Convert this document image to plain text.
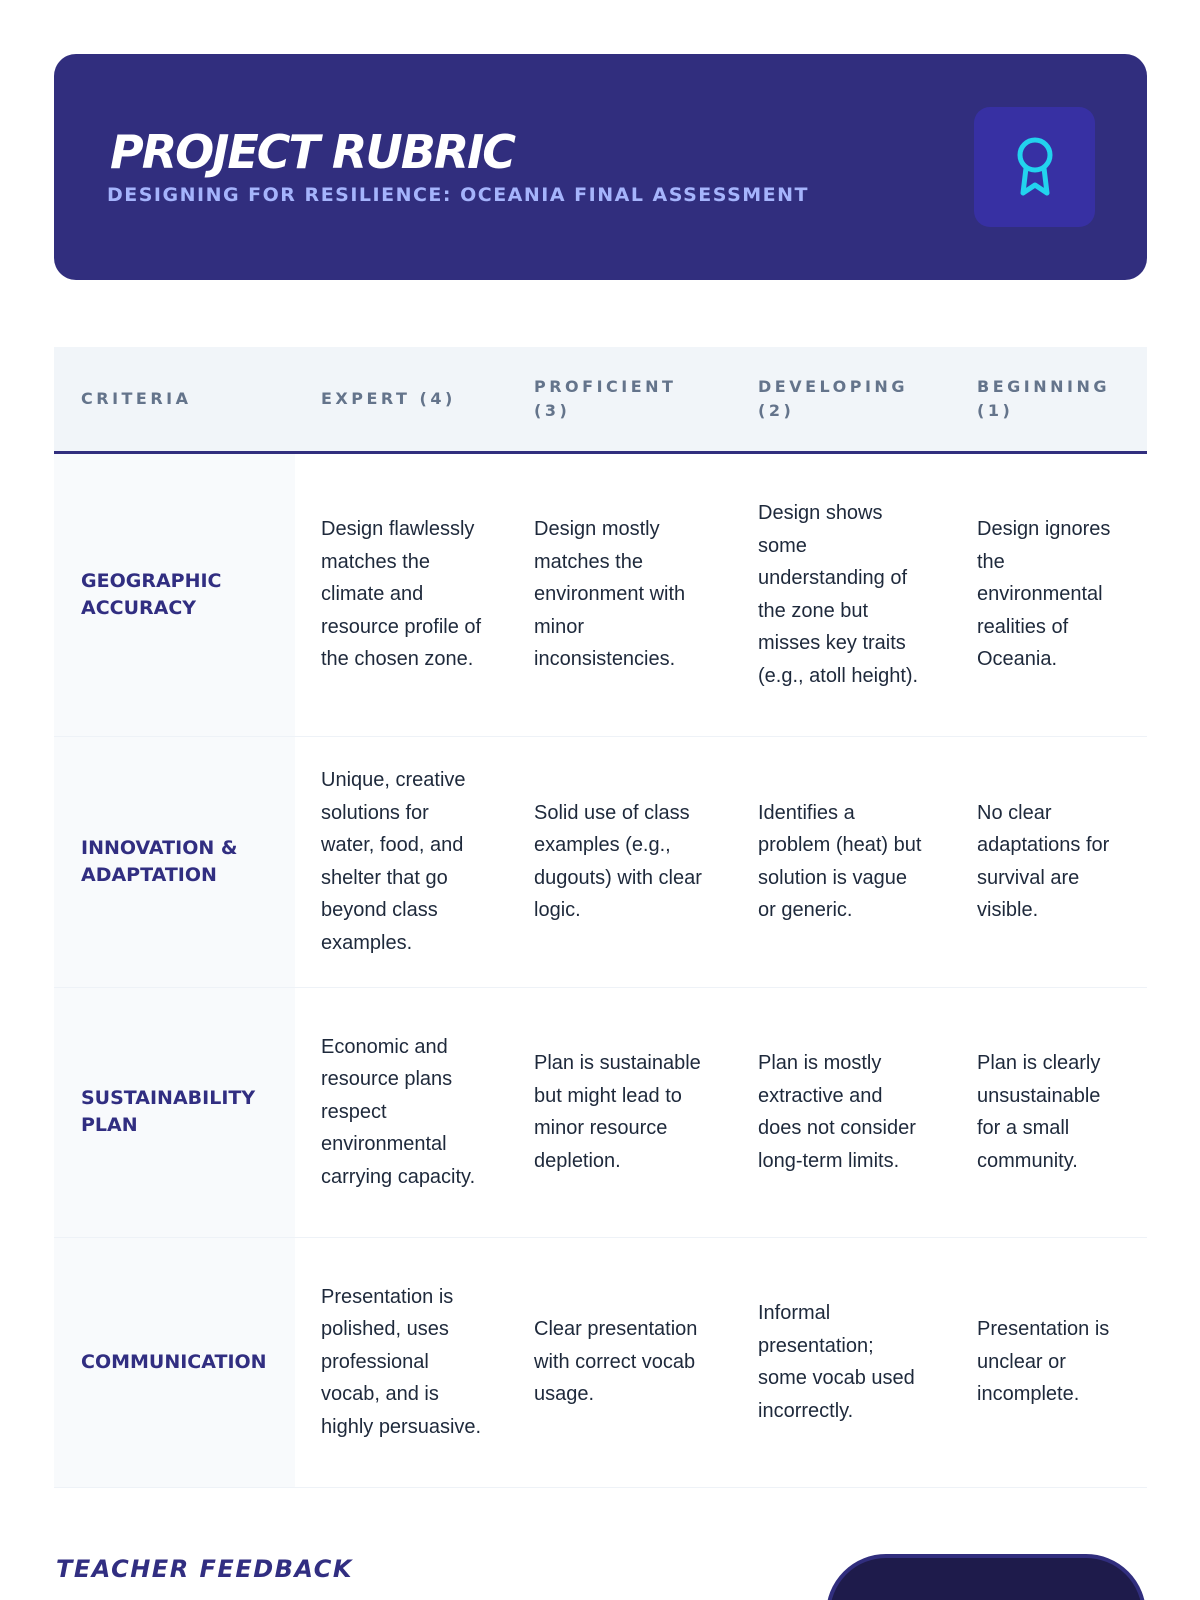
PROJECT RUBRIC
DESIGNING FOR RESILIENCE: OCEANIA FINAL ASSESSMENT
CRITERIA	EXPERT (4)	PROFICIENT (3)	DEVELOPING (2)	BEGINNING (1)
GEOGRAPHIC ACCURACY	Design flawlessly matches the climate and resource profile of the chosen zone.	Design mostly matches the environment with minor inconsistencies.	Design shows some understanding of the zone but misses key traits (e.g., atoll height).	Design ignores the environmental realities of Oceania.
INNOVATION & ADAPTATION	Unique, creative solutions for water, food, and shelter that go beyond class examples.	Solid use of class examples (e.g., dugouts) with clear logic.	Identifies a problem (heat) but solution is vague or generic.	No clear adaptations for survival are visible.
SUSTAINABILITY PLAN	Economic and resource plans respect environmental carrying capacity.	Plan is sustainable but might lead to minor resource depletion.	Plan is mostly extractive and does not consider long-term limits.	Plan is clearly unsustainable for a small community.
COMMUNICATION	Presentation is polished, uses professional vocab, and is highly persuasive.	Clear presentation with correct vocab usage.	Informal presentation; some vocab used incorrectly.	Presentation is unclear or incomplete.
TEACHER FEEDBACK
